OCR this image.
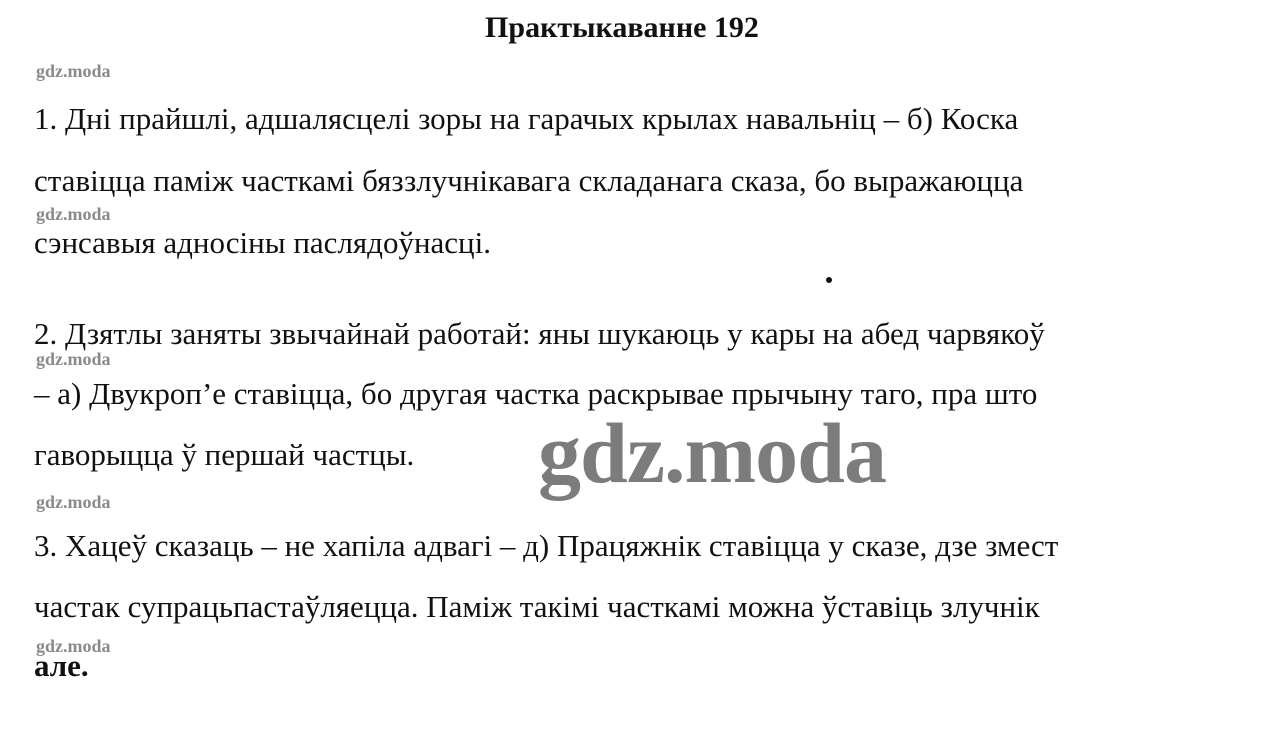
Практыкаванне 192
gdz.moda
gdz.moda
gdz.moda
gdz.moda
gdz.moda
1. Дні прайшлі, адшалясцелі зоры на гарачых крылах навальніц – б) Коска
ставіцца паміж часткамі бяззлучнікавага складанага сказа, бо выражаюцца
сэнсавыя адносіны паслядоўнасці.
2. Дзятлы заняты звычайнай работай: яны шукаюць у кары на абед чарвякоў
– а) Двукроп’е ставіцца, бо другая частка раскрывае прычыну таго, пра што
гаворыцца ў першай частцы.
3. Хацеў сказаць – не хапіла адвагі – д) Працяжнік ставіцца у сказе, дзе змест
частак супрацьпастаўляецца. Паміж такімі часткамі можна ўставіць злучнік
але.
gdz.moda
